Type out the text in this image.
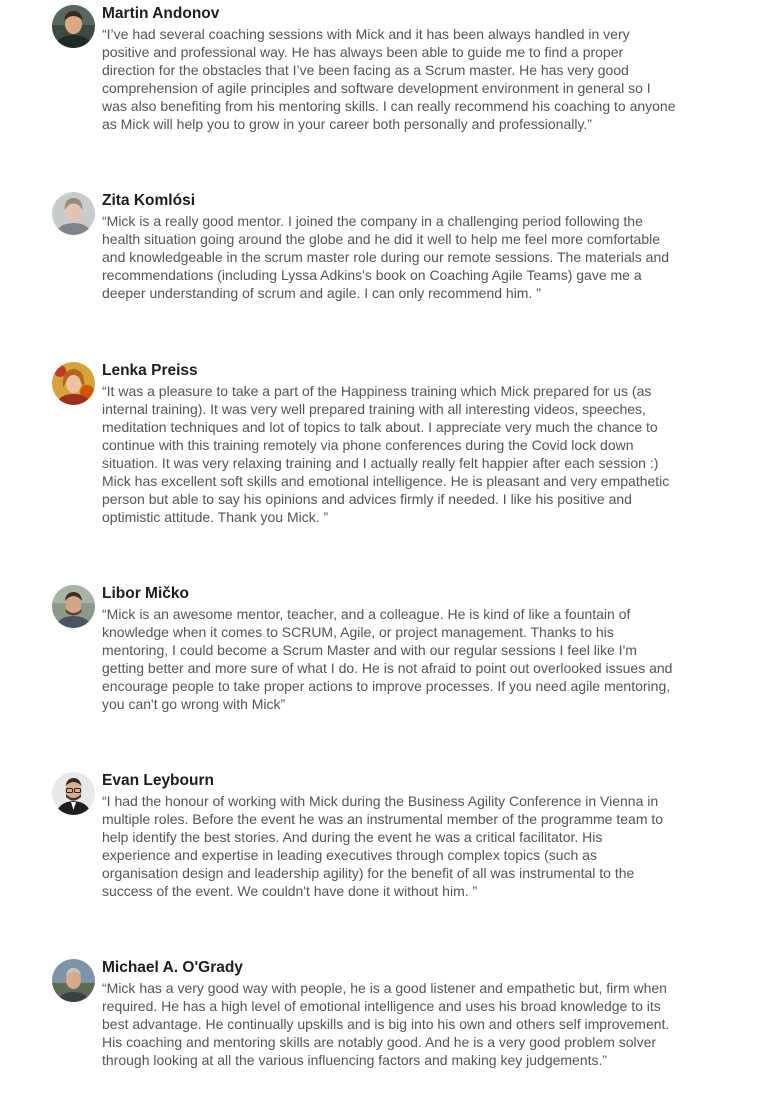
Martin Andonov

“I’ve had several coaching sessions with Mick and it has been always handled in very
positive and professional way. He has always been able to guide me to find a proper
direction for the obstacles that I’ve been facing as a Scrum master. He has very good
comprehension of agile principles and software development environment in general so I
was also benefiting from his mentoring skills. I can really recommend his coaching to anyone
as Mick will help you to grow in your career both personally and professionally.”

Zita Komlósi

“Mick is a really good mentor. I joined the company in a challenging period following the
health situation going around the globe and he did it well to help me feel more comfortable
and knowledgeable in the scrum master role during our remote sessions. The materials and
recommendations (including Lyssa Adkins's book on Coaching Agile Teams) gave me a
deeper understanding of scrum and agile. I can only recommend him. ”

Lenka Preiss

“It was a pleasure to take a part of the Happiness training which Mick prepared for us (as
internal training). It was very well prepared training with all interesting videos, speeches,
meditation techniques and lot of topics to talk about. I appreciate very much the chance to
continue with this training remotely via phone conferences during the Covid lock down
situation. It was very relaxing training and I actually really felt happier after each session :)
Mick has excellent soft skills and emotional intelligence. He is pleasant and very empathetic
person but able to say his opinions and advices firmly if needed. I like his positive and
optimistic attitude. Thank you Mick. ”

Libor Mičko

“Mick is an awesome mentor, teacher, and a colleague. He is kind of like a fountain of
knowledge when it comes to SCRUM, Agile, or project management. Thanks to his
mentoring, I could become a Scrum Master and with our regular sessions I feel like I'm
getting better and more sure of what I do. He is not afraid to point out overlooked issues and
encourage people to take proper actions to improve processes. If you need agile mentoring,
you can't go wrong with Mick”

Evan Leybourn

“I had the honour of working with Mick during the Business Agility Conference in Vienna in
multiple roles. Before the event he was an instrumental member of the programme team to
help identify the best stories. And during the event he was a critical facilitator. His
experience and expertise in leading executives through complex topics (such as
organisation design and leadership agility) for the benefit of all was instrumental to the
success of the event. We couldn't have done it without him. ”

Michael A. O'Grady

“Mick has a very good way with people, he is a good listener and empathetic but, firm when
required. He has a high level of emotional intelligence and uses his broad knowledge to its
best advantage. He continually upskills and is big into his own and others self improvement.
His coaching and mentoring skills are notably good. And he is a very good problem solver
through looking at all the various influencing factors and making key judgements.”
